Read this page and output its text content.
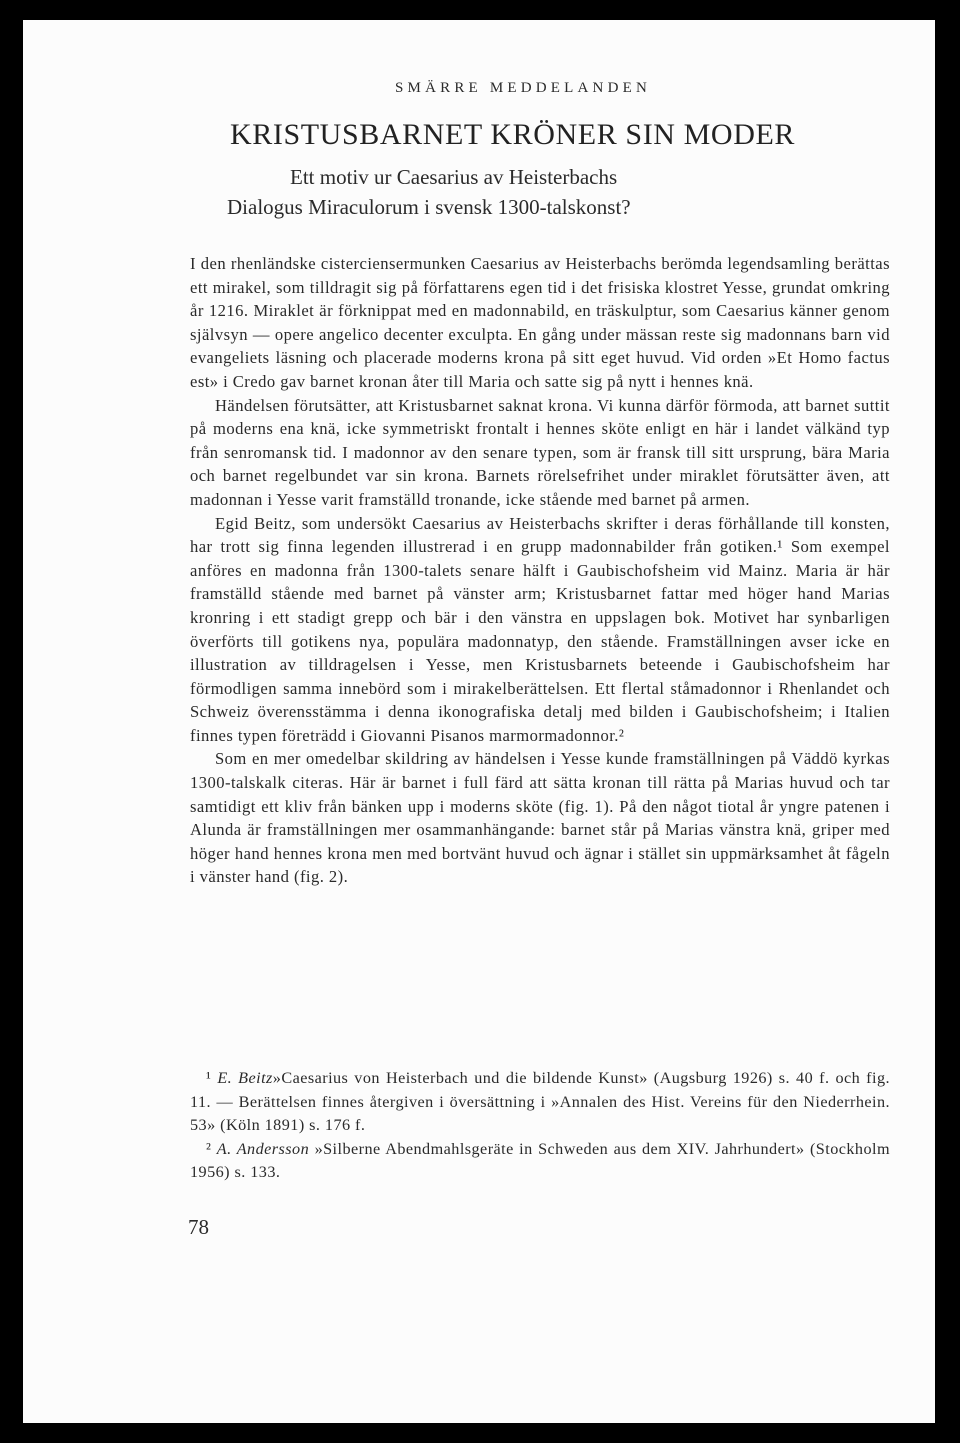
SMÄRRE MEDDELANDEN
KRISTUSBARNET KRÖNER SIN MODER
Ett motiv ur Caesarius av Heisterbachs
Dialogus Miraculorum i svensk 1300-talskonst?

I den rhenländske cisterciensermunken Caesarius av Heisterbachs berömda legendsamling berättas ett mirakel, som tilldragit sig på författarens egen tid i det frisiska klostret Yesse, grundat omkring år 1216. Miraklet är förknippat med en madonnabild, en träskulptur, som Caesarius känner genom självsyn — opere angelico decenter exculpta. En gång under mässan reste sig madonnans barn vid evangeliets läsning och placerade moderns krona på sitt eget huvud. Vid orden »Et Homo factus est» i Credo gav barnet kronan åter till Maria och satte sig på nytt i hennes knä.

Händelsen förutsätter, att Kristusbarnet saknat krona. Vi kunna därför förmoda, att barnet suttit på moderns ena knä, icke symmetriskt frontalt i hennes sköte enligt en här i landet välkänd typ från senromansk tid. I madonnor av den senare typen, som är fransk till sitt ursprung, bära Maria och barnet regelbundet var sin krona. Barnets rörelsefrihet under miraklet förutsätter även, att madonnan i Yesse varit framställd tronande, icke stående med barnet på armen.

Egid Beitz, som undersökt Caesarius av Heisterbachs skrifter i deras förhållande till konsten, har trott sig finna legenden illustrerad i en grupp madonnabilder från gotiken.¹ Som exempel anföres en madonna från 1300-talets senare hälft i Gaubischofsheim vid Mainz. Maria är här framställd stående med barnet på vänster arm; Kristusbarnet fattar med höger hand Marias kronring i ett stadigt grepp och bär i den vänstra en uppslagen bok. Motivet har synbarligen överförts till gotikens nya, populära madonnatyp, den stående. Framställningen avser icke en illustration av tilldragelsen i Yesse, men Kristusbarnets beteende i Gaubischofsheim har förmodligen samma innebörd som i mirakelberättelsen. Ett flertal ståmadonnor i Rhenlandet och Schweiz överensstämma i denna ikonografiska detalj med bilden i Gaubischofsheim; i Italien finnes typen företrädd i Giovanni Pisanos marmormadonnor.²

Som en mer omedelbar skildring av händelsen i Yesse kunde framställningen på Väddö kyrkas 1300-talskalk citeras. Här är barnet i full färd att sätta kronan till rätta på Marias huvud och tar samtidigt ett kliv från bänken upp i moderns sköte (fig. 1). På den något tiotal år yngre patenen i Alunda är framställningen mer osammanhängande: barnet står på Marias vänstra knä, griper med höger hand hennes krona men med bortvänt huvud och ägnar i stället sin uppmärksamhet åt fågeln i vänster hand (fig. 2).

¹ E. Beitz»Caesarius von Heisterbach und die bildende Kunst» (Augsburg 1926) s. 40 f. och fig. 11. — Berättelsen finnes återgiven i översättning i »Annalen des Hist. Vereins für den Niederrhein. 53» (Köln 1891) s. 176 f.

² A. Andersson »Silberne Abendmahlsgeräte in Schweden aus dem XIV. Jahrhundert» (Stockholm 1956) s. 133.

78
